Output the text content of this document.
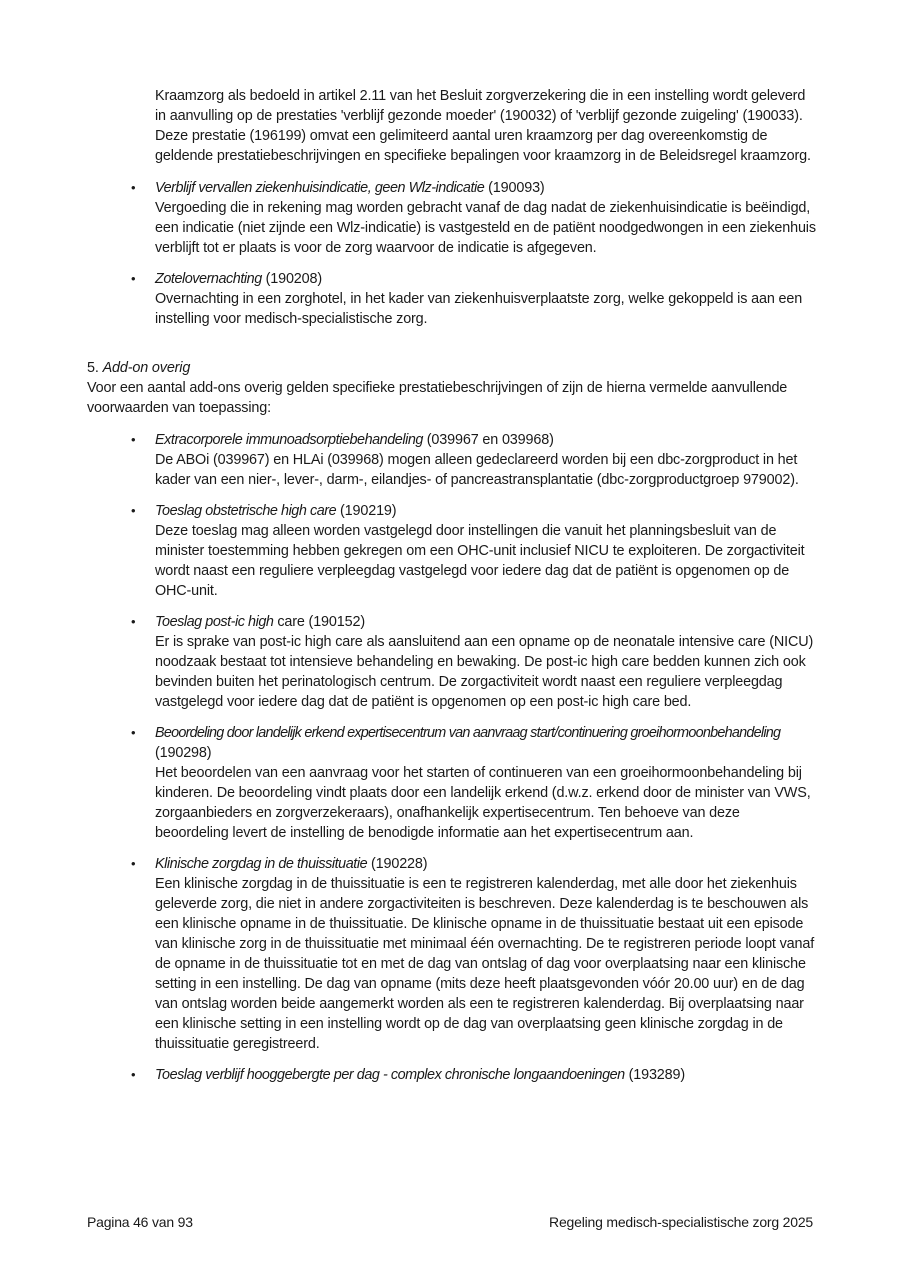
Kraamzorg als bedoeld in artikel 2.11 van het Besluit zorgverzekering die in een instelling wordt geleverd in aanvulling op de prestaties 'verblijf gezonde moeder' (190032) of 'verblijf gezonde zuigeling' (190033). Deze prestatie (196199) omvat een gelimiteerd aantal uren kraamzorg per dag overeenkomstig de geldende prestatiebeschrijvingen en specifieke bepalingen voor kraamzorg in de Beleidsregel kraamzorg.
•	Verblijf vervallen ziekenhuisindicatie, geen Wlz-indicatie (190093)
Vergoeding die in rekening mag worden gebracht vanaf de dag nadat de ziekenhuisindicatie is beëindigd, een indicatie (niet zijnde een Wlz-indicatie) is vastgesteld en de patiënt noodgedwongen in een ziekenhuis verblijft tot er plaats is voor de zorg waarvoor de indicatie is afgegeven.
•	Zotelovernachting (190208)
Overnachting in een zorghotel, in het kader van ziekenhuisverplaatste zorg, welke gekoppeld is aan een instelling voor medisch-specialistische zorg.
5. Add-on overig
Voor een aantal add-ons overig gelden specifieke prestatiebeschrijvingen of zijn de hierna vermelde aanvullende voorwaarden van toepassing:
•	Extracorporele immunoadsorptiebehandeling (039967 en 039968)
De ABOi (039967) en HLAi (039968) mogen alleen gedeclareerd worden bij een dbc-zorgproduct in het kader van een nier-, lever-, darm-, eilandjes- of pancreastransplantatie (dbc-zorgproductgroep 979002).
•	Toeslag obstetrische high care (190219)
Deze toeslag mag alleen worden vastgelegd door instellingen die vanuit het planningsbesluit van de minister toestemming hebben gekregen om een OHC-unit inclusief NICU te exploiteren. De zorgactiviteit wordt naast een reguliere verpleegdag vastgelegd voor iedere dag dat de patiënt is opgenomen op de OHC-unit.
•	Toeslag post-ic high care (190152)
Er is sprake van post-ic high care als aansluitend aan een opname op de neonatale intensive care (NICU) noodzaak bestaat tot intensieve behandeling en bewaking. De post-ic high care bedden kunnen zich ook bevinden buiten het perinatologisch centrum. De zorgactiviteit wordt naast een reguliere verpleegdag vastgelegd voor iedere dag dat de patiënt is opgenomen op een post-ic high care bed.
•	Beoordeling door landelijk erkend expertisecentrum van aanvraag start/continuering groeihormoonbehandeling (190298)
Het beoordelen van een aanvraag voor het starten of continueren van een groeihormoonbehandeling bij kinderen. De beoordeling vindt plaats door een landelijk erkend (d.w.z. erkend door de minister van VWS, zorgaanbieders en zorgverzekeraars), onafhankelijk expertisecentrum. Ten behoeve van deze beoordeling levert de instelling de benodigde informatie aan het expertisecentrum aan.
•	Klinische zorgdag in de thuissituatie (190228)
Een klinische zorgdag in de thuissituatie is een te registreren kalenderdag, met alle door het ziekenhuis geleverde zorg, die niet in andere zorgactiviteiten is beschreven. Deze kalenderdag is te beschouwen als een klinische opname in de thuissituatie. De klinische opname in de thuissituatie bestaat uit een episode van klinische zorg in de thuissituatie met minimaal één overnachting. De te registreren periode loopt vanaf de opname in de thuissituatie tot en met de dag van ontslag of dag voor overplaatsing naar een klinische setting in een instelling. De dag van opname (mits deze heeft plaatsgevonden vóór 20.00 uur) en de dag van ontslag worden beide aangemerkt worden als een te registreren kalenderdag. Bij overplaatsing naar een klinische setting in een instelling wordt op de dag van overplaatsing geen klinische zorgdag in de thuissituatie geregistreerd.
•	Toeslag verblijf hooggebergte per dag - complex chronische longaandoeningen (193289)
Pagina 46 van 93	Regeling medisch-specialistische zorg 2025
